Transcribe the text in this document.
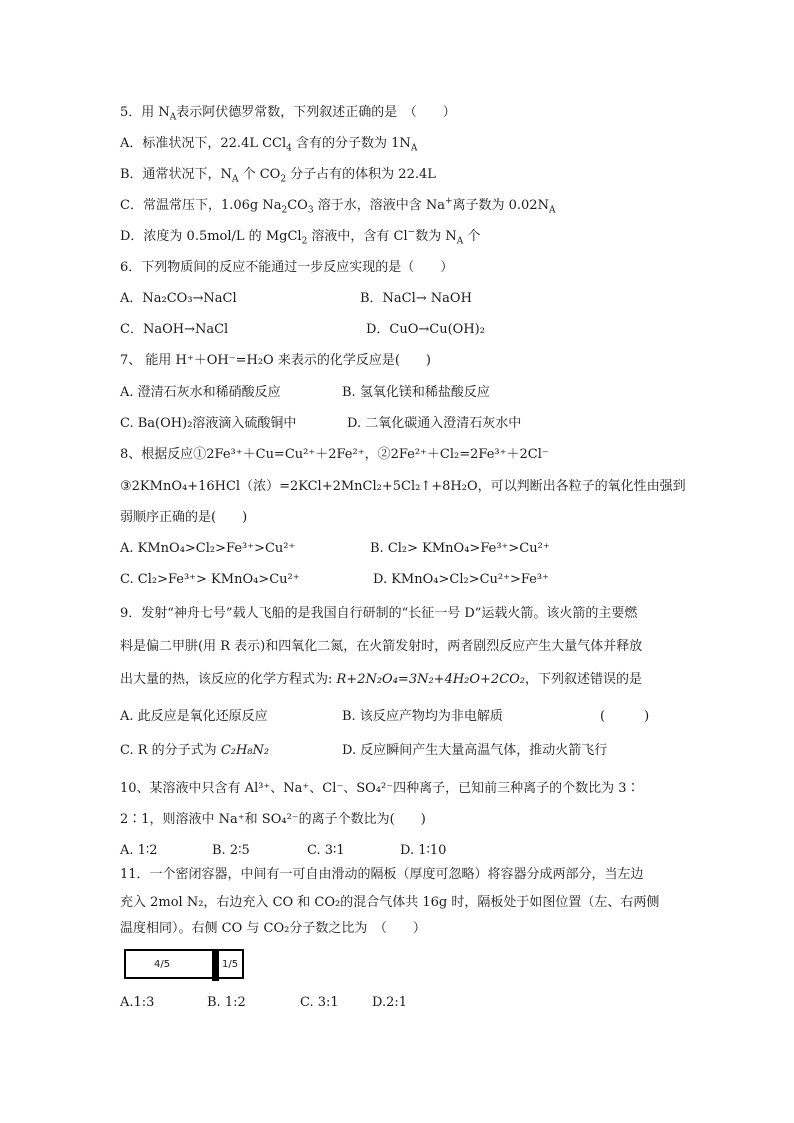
5．用 $N_A$表示阿伏德罗常数，下列叙述正确的是　（　　）
A．标准状况下，22.4L CCl$_4$ 含有的分子数为 $1N_A$
B．通常状况下，$N_A$ 个 $CO_2$ 分子占有的体积为 22.4L
C．常温常压下，1.06g $Na_2CO_3$ 溶于水，溶液中含 Na+离子数为 $0.02N_A$
D．浓度为 0.5mol/L 的 MgCl$_2$ 溶液中，含有 Cl−数为 $N_A$ 个
6．下列物质间的反应不能通过一步反应实现的是（　　）
A．Na₂CO₃→NaCl	B．NaCl→ NaOH
C．NaOH→NaCl	D．CuO→Cu(OH)₂
7、 能用 H⁺＋OH⁻=H₂O 来表示的化学反应是(　　)
A. 澄清石灰水和稀硝酸反应	B. 氢氧化镁和稀盐酸反应
C. Ba(OH)₂溶液滴入硫酸铜中	D. 二氧化碳通入澄清石灰水中
8、根据反应①2Fe³⁺＋Cu=Cu²⁺＋2Fe²⁺，②2Fe²⁺＋Cl₂=2Fe³⁺＋2Cl⁻
③2KMnO₄+16HCl（浓）=2KCl+2MnCl₂+5Cl₂↑+8H₂O，可以判断出各粒子的氧化性由强到
弱顺序正确的是(　　)
A. KMnO₄>Cl₂>Fe³⁺>Cu²⁺	B. Cl₂> KMnO₄>Fe³⁺>Cu²⁺
C. Cl₂>Fe³⁺> KMnO₄>Cu²⁺	D. KMnO₄>Cl₂>Cu²⁺>Fe³⁺
9．发射“神舟七号”载人飞船的是我国自行研制的“长征一号 D”运载火箭。该火箭的主要燃
料是偏二甲肼(用 R 表示)和四氧化二氮，在火箭发射时，两者剧烈反应产生大量气体并释放
出大量的热，该反应的化学方程式为: R+2N₂O₄=3N₂+4H₂O+2CO₂，下列叙述错误的是
A. 此反应是氧化还原反应	B. 该反应产物均为非电解质	(　　　)
C. R 的分子式为 C₂H₈N₂	D. 反应瞬间产生大量高温气体，推动火箭飞行
10、某溶液中只含有 Al³⁺、Na⁺、Cl⁻、SO₄²⁻四种离子，已知前三种离子的个数比为 3∶
2∶1，则溶液中 Na⁺和 SO₄²⁻的离子个数比为(　　)
A. 1∶2	B. 2∶5	C. 3∶1	D. 1∶10
11．一个密闭容器，中间有一可自由滑动的隔板（厚度可忽略）将容器分成两部分，当左边
充入 2mol N₂，右边充入 CO 和 CO₂的混合气体共 16g 时，隔板处于如图位置（左、右两侧
温度相同）。右侧 CO 与 CO₂分子数之比为　（　　）
4/5	1/5
A.1:3	B. 1:2	C. 3:1	D.2:1
